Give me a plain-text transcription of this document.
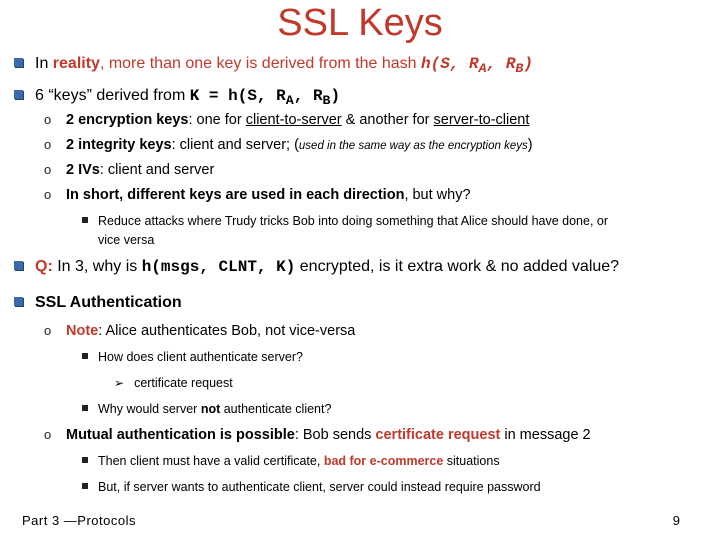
SSL Keys
In reality, more than one key is derived from the hash h(S, $R_A$, $R_B$)
6 “keys” derived from K = h(S, $R_A$, $R_B$)
o 2 encryption keys: one for client-to-server & another for server-to-client
o 2 integrity keys: client and server; (used in the same way as the encryption keys)
o 2 IVs: client and server
o In short, different keys are used in each direction, but why?
Reduce attacks where Trudy tricks Bob into doing something that Alice should have done, or
vice versa
Q: In 3, why is h(msgs, CLNT, K) encrypted, is it extra work & no added value?
SSL Authentication
o Note: Alice authenticates Bob, not vice-versa
How does client authenticate server?
➢ certificate request
Why would server not authenticate client?
o Mutual authentication is possible: Bob sends certificate request in message 2
Then client must have a valid certificate, bad for e-commerce situations
But, if server wants to authenticate client, server could instead require password
Part 3 —Protocols	9
